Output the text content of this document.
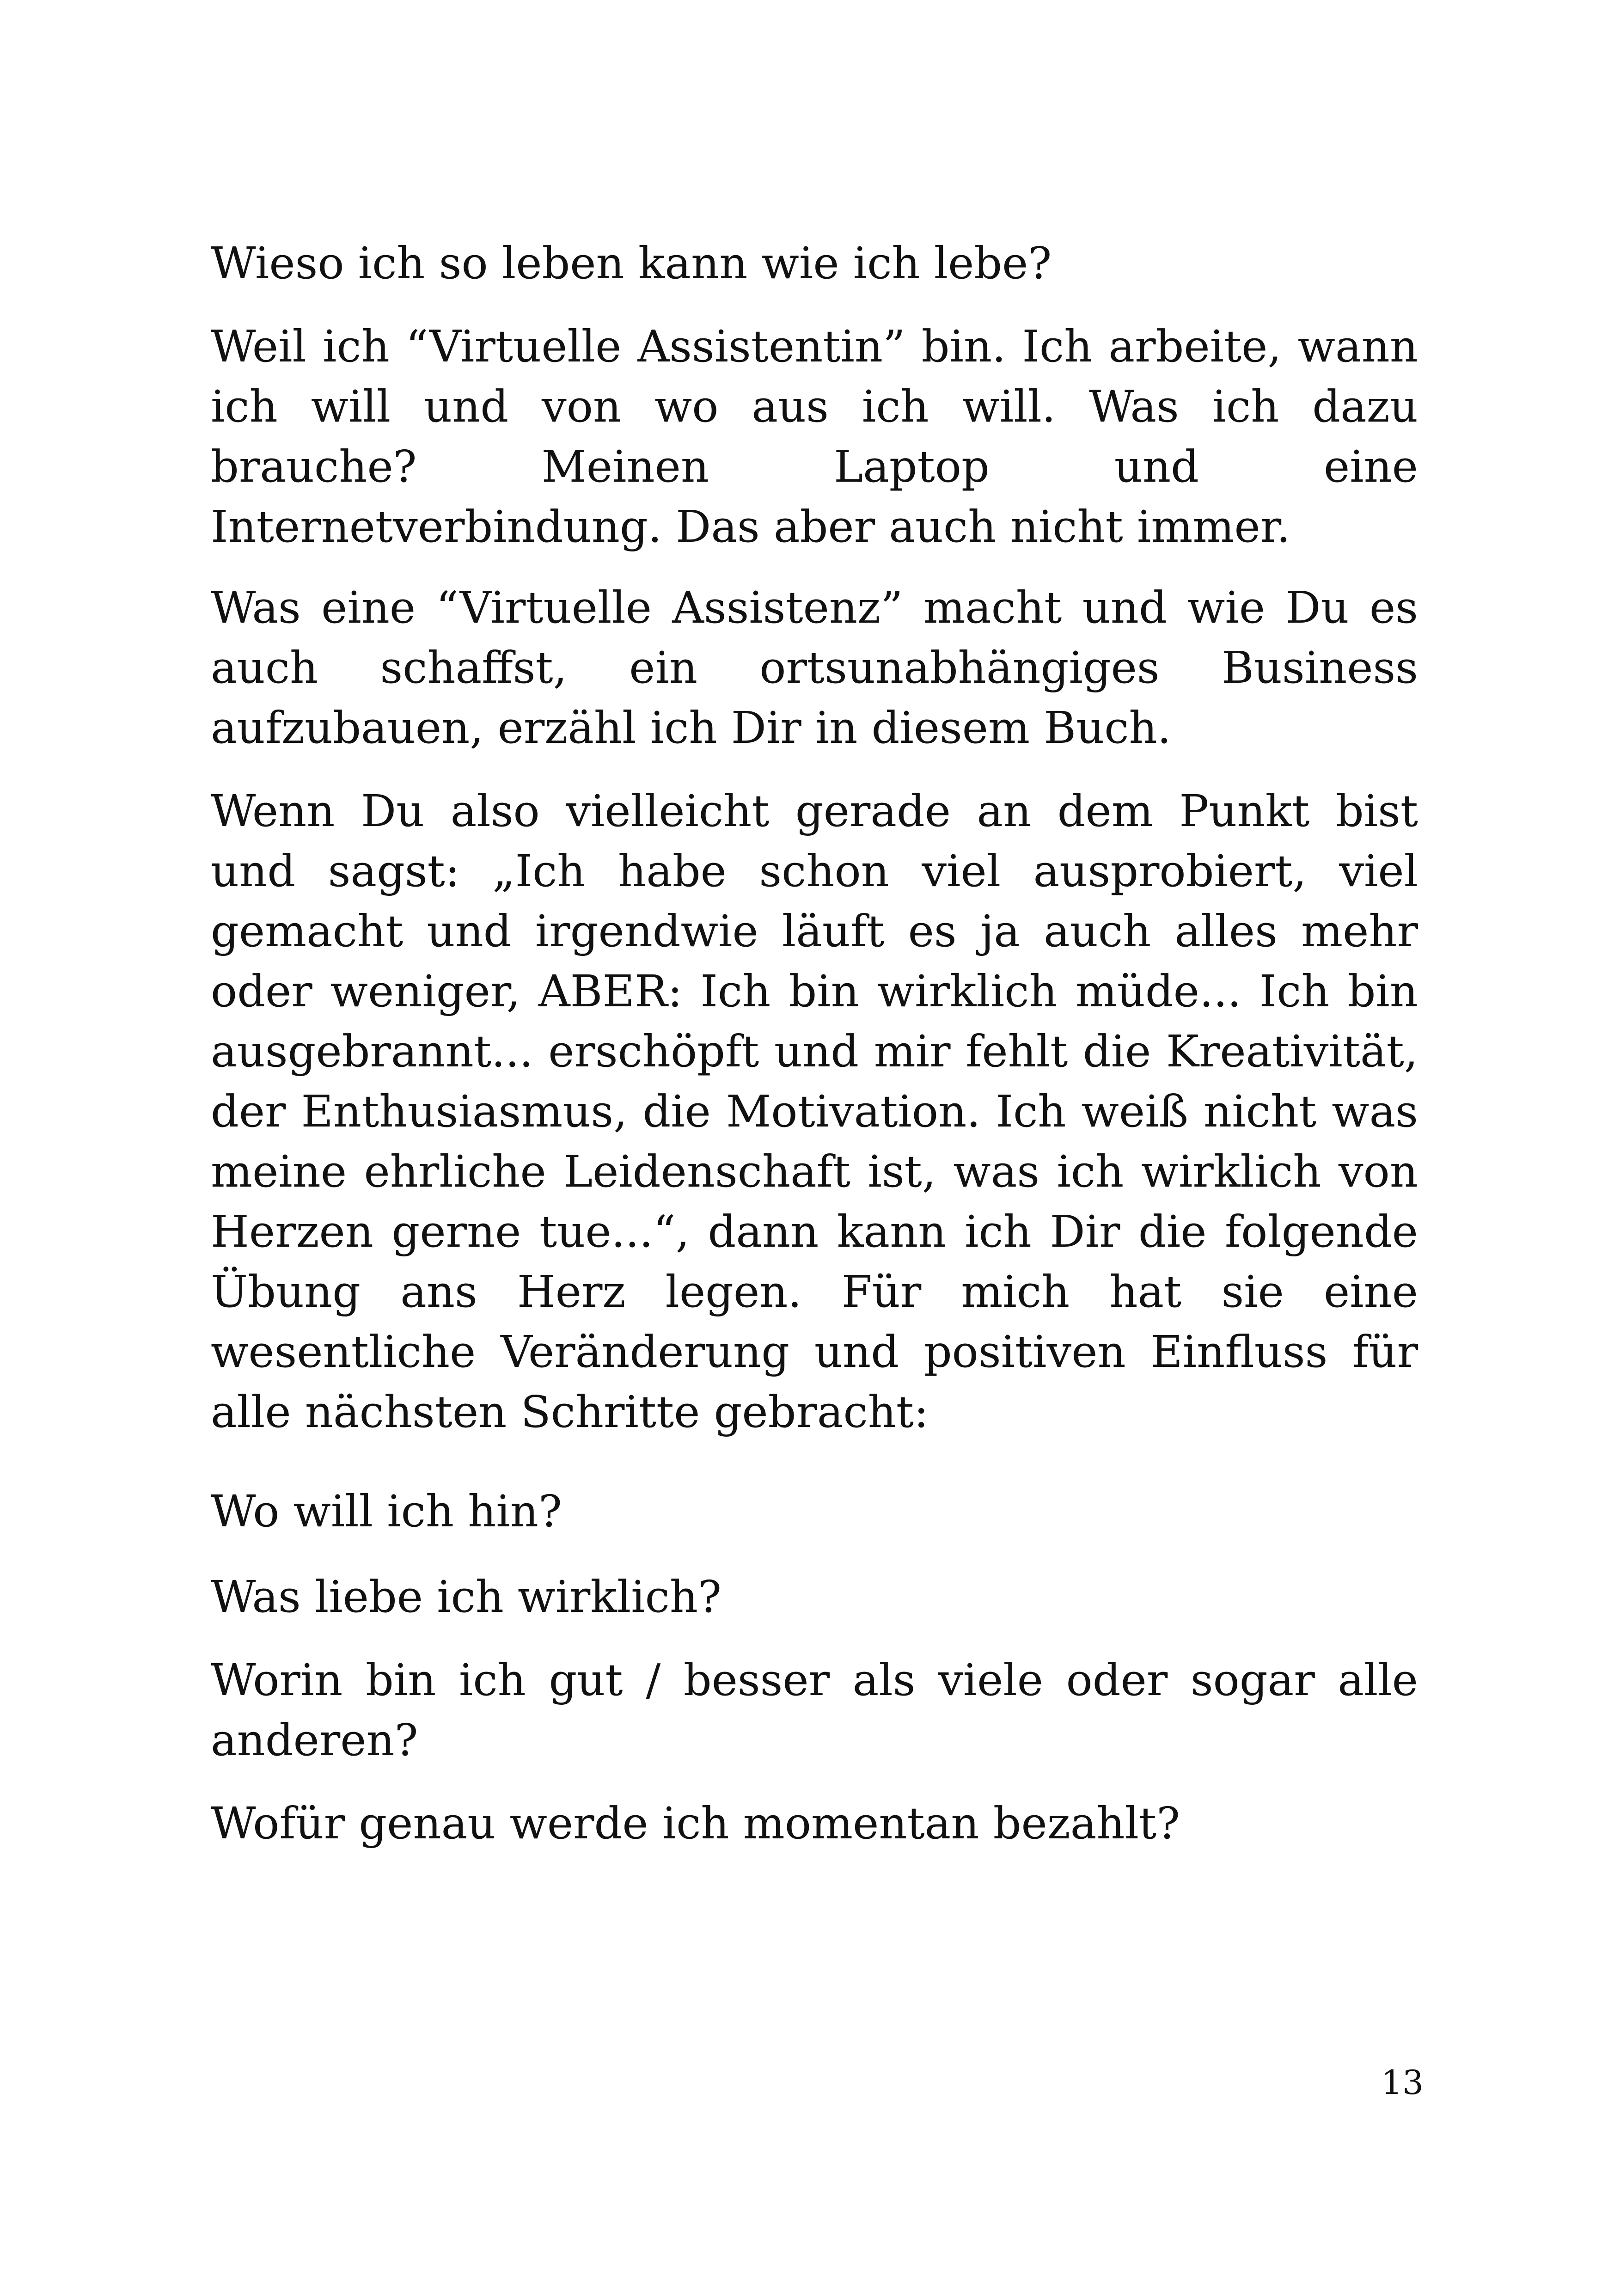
Wieso ich so leben kann wie ich lebe?

Weil ich “Virtuelle Assistentin” bin. Ich arbeite, wann ich will und von wo aus ich will. Was ich dazu brauche? Meinen Laptop und eine Internetverbindung. Das aber auch nicht immer.

Was eine “Virtuelle Assistenz” macht und wie Du es auch schaffst, ein ortsunabhängiges Business aufzubauen, erzähl ich Dir in diesem Buch.

Wenn Du also vielleicht gerade an dem Punkt bist und sagst: „Ich habe schon viel ausprobiert, viel gemacht und irgendwie läuft es ja auch alles mehr oder weniger, ABER: Ich bin wirklich müde... Ich bin ausgebrannt... erschöpft und mir fehlt die Kreativität, der Enthusiasmus, die Motivation. Ich weiß nicht was meine ehrliche Leidenschaft ist, was ich wirklich von Herzen gerne tue...“, dann kann ich Dir die folgende Übung ans Herz legen. Für mich hat sie eine wesentliche Veränderung und positiven Einfluss für alle nächsten Schritte gebracht:

Wo will ich hin?

Was liebe ich wirklich?

Worin bin ich gut / besser als viele oder sogar alle anderen?

Wofür genau werde ich momentan bezahlt?

13
